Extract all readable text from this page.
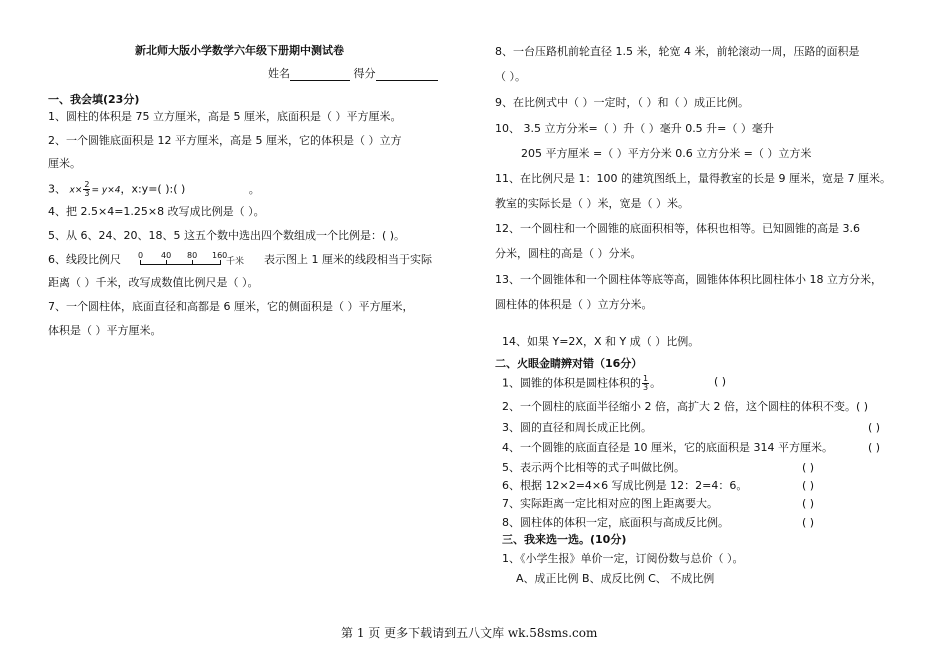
新北师大版小学数学六年级下册期中测试卷
姓名	得分
一、我会填(23分)
1、圆柱的体积是 75 立方厘米，高是 5 厘米，底面积是（ ）平方厘米。
2、一个圆锥底面积是 12 平方厘米，高是 5 厘米，它的体积是（ ）立方
厘米。
3、 $x\times \frac{2}{3} = y\times 4$，x:y=( ):( )	。
4、把 2.5×4=1.25×8 改写成比例是（ ）。
5、从 6、24、20、18、5 这五个数中选出四个数组成一个比例是：( )。
6、线段比例尺 0 40 80 160
千米 表示图上 1 厘米的线段相当于实际
距离（ ）千米，改写成数值比例尺是（ ）。
7、一个圆柱体，底面直径和高都是 6 厘米，它的侧面积是（ ）平方厘米，
体积是（ ）平方厘米。
8、一台压路机前轮直径 1.5 米，轮宽 4 米，前轮滚动一周，压路的面积是
（ ）。
9、在比例式中（ ）一定时，（ ）和（ ）成正比例。
10、 3.5 立方分米=（ ）升（ ）毫升 0.5 升=（ ）毫升
205 平方厘米 =（ ）平方分米 0.6 立方分米 =（ ）立方米
11、在比例尺是 1：100 的建筑图纸上，量得教室的长是 9 厘米，宽是 7 厘米。
教室的实际长是（ ）米，宽是（ ）米。
12、一个圆柱和一个圆锥的底面积相等，体积也相等。已知圆锥的高是 3.6
分米，圆柱的高是（ ）分米。
13、一个圆锥体和一个圆柱体等底等高，圆锥体体积比圆柱体小 18 立方分米，
圆柱体的体积是（ ）立方分米。
14、如果 Y=2X，X 和 Y 成（ ）比例。
二、火眼金睛辨对错（16分）
1、圆锥的体积是圆柱体积的 $\frac{1}{3}$ 。	( )
2、一个圆柱的底面半径缩小 2 倍，高扩大 2 倍，这个圆柱的体积不变。( )
3、圆的直径和周长成正比例。	( )
4、一个圆锥的底面直径是 10 厘米，它的底面积是 314 平方厘米。	( )
5、表示两个比相等的式子叫做比例。	( )
6、根据 12×2=4×6 写成比例是 12：2=4：6。	( )
7、实际距离一定比相对应的图上距离要大。	( )
8、圆柱体的体积一定，底面积与高成反比例。	( )
三、我来选一选。(10分)
1、《小学生报》单价一定，订阅份数与总价（ ）。
A、成正比例 B、成反比例 C、 不成比例
第 1 页 更多下载请到五八文库 wk.58sms.com
